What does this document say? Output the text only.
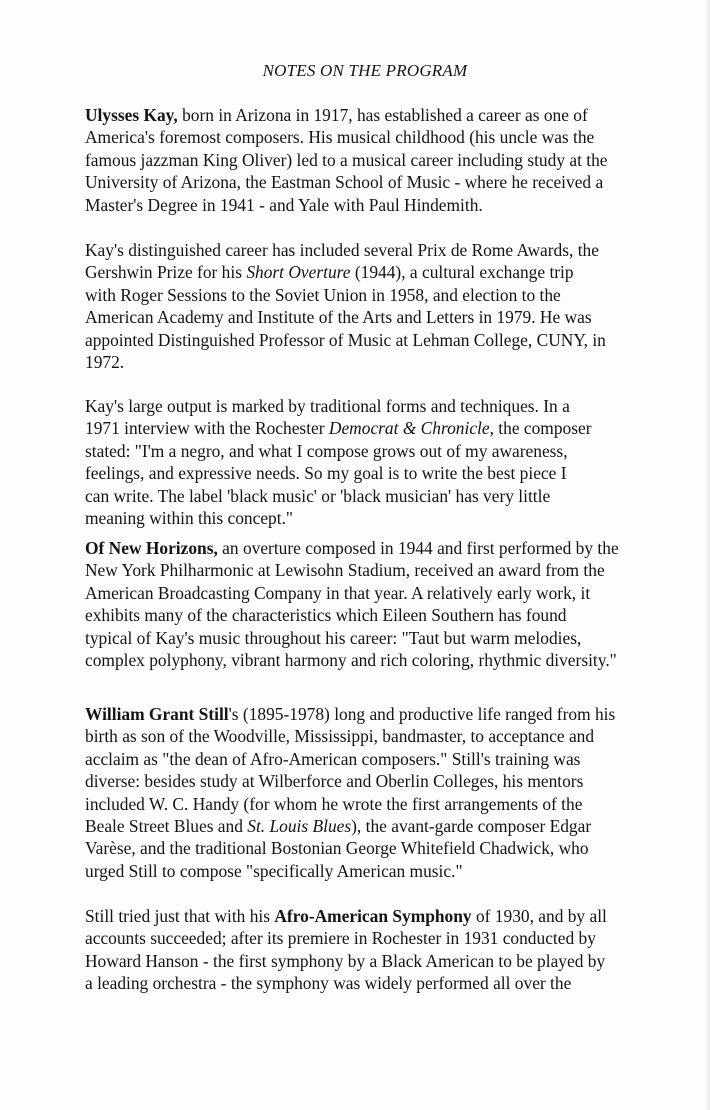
NOTES ON THE PROGRAM
Ulysses Kay, born in Arizona in 1917, has established a career as one of
America's foremost composers. His musical childhood (his uncle was the
famous jazzman King Oliver) led to a musical career including study at the
University of Arizona, the Eastman School of Music - where he received a
Master's Degree in 1941 - and Yale with Paul Hindemith.
Kay's distinguished career has included several Prix de Rome Awards, the
Gershwin Prize for his Short Overture (1944), a cultural exchange trip
with Roger Sessions to the Soviet Union in 1958, and election to the
American Academy and Institute of the Arts and Letters in 1979. He was
appointed Distinguished Professor of Music at Lehman College, CUNY, in
1972.
Kay's large output is marked by traditional forms and techniques. In a
1971 interview with the Rochester Democrat & Chronicle, the composer
stated: "I'm a negro, and what I compose grows out of my awareness,
feelings, and expressive needs. So my goal is to write the best piece I
can write. The label 'black music' or 'black musician' has very little
meaning within this concept."
Of New Horizons, an overture composed in 1944 and first performed by the
New York Philharmonic at Lewisohn Stadium, received an award from the
American Broadcasting Company in that year. A relatively early work, it
exhibits many of the characteristics which Eileen Southern has found
typical of Kay's music throughout his career: "Taut but warm melodies,
complex polyphony, vibrant harmony and rich coloring, rhythmic diversity."
William Grant Still's (1895-1978) long and productive life ranged from his
birth as son of the Woodville, Mississippi, bandmaster, to acceptance and
acclaim as "the dean of Afro-American composers." Still's training was
diverse: besides study at Wilberforce and Oberlin Colleges, his mentors
included W. C. Handy (for whom he wrote the first arrangements of the
Beale Street Blues and St. Louis Blues), the avant-garde composer Edgar
Varèse, and the traditional Bostonian George Whitefield Chadwick, who
urged Still to compose "specifically American music."
Still tried just that with his Afro-American Symphony of 1930, and by all
accounts succeeded; after its premiere in Rochester in 1931 conducted by
Howard Hanson - the first symphony by a Black American to be played by
a leading orchestra - the symphony was widely performed all over the
